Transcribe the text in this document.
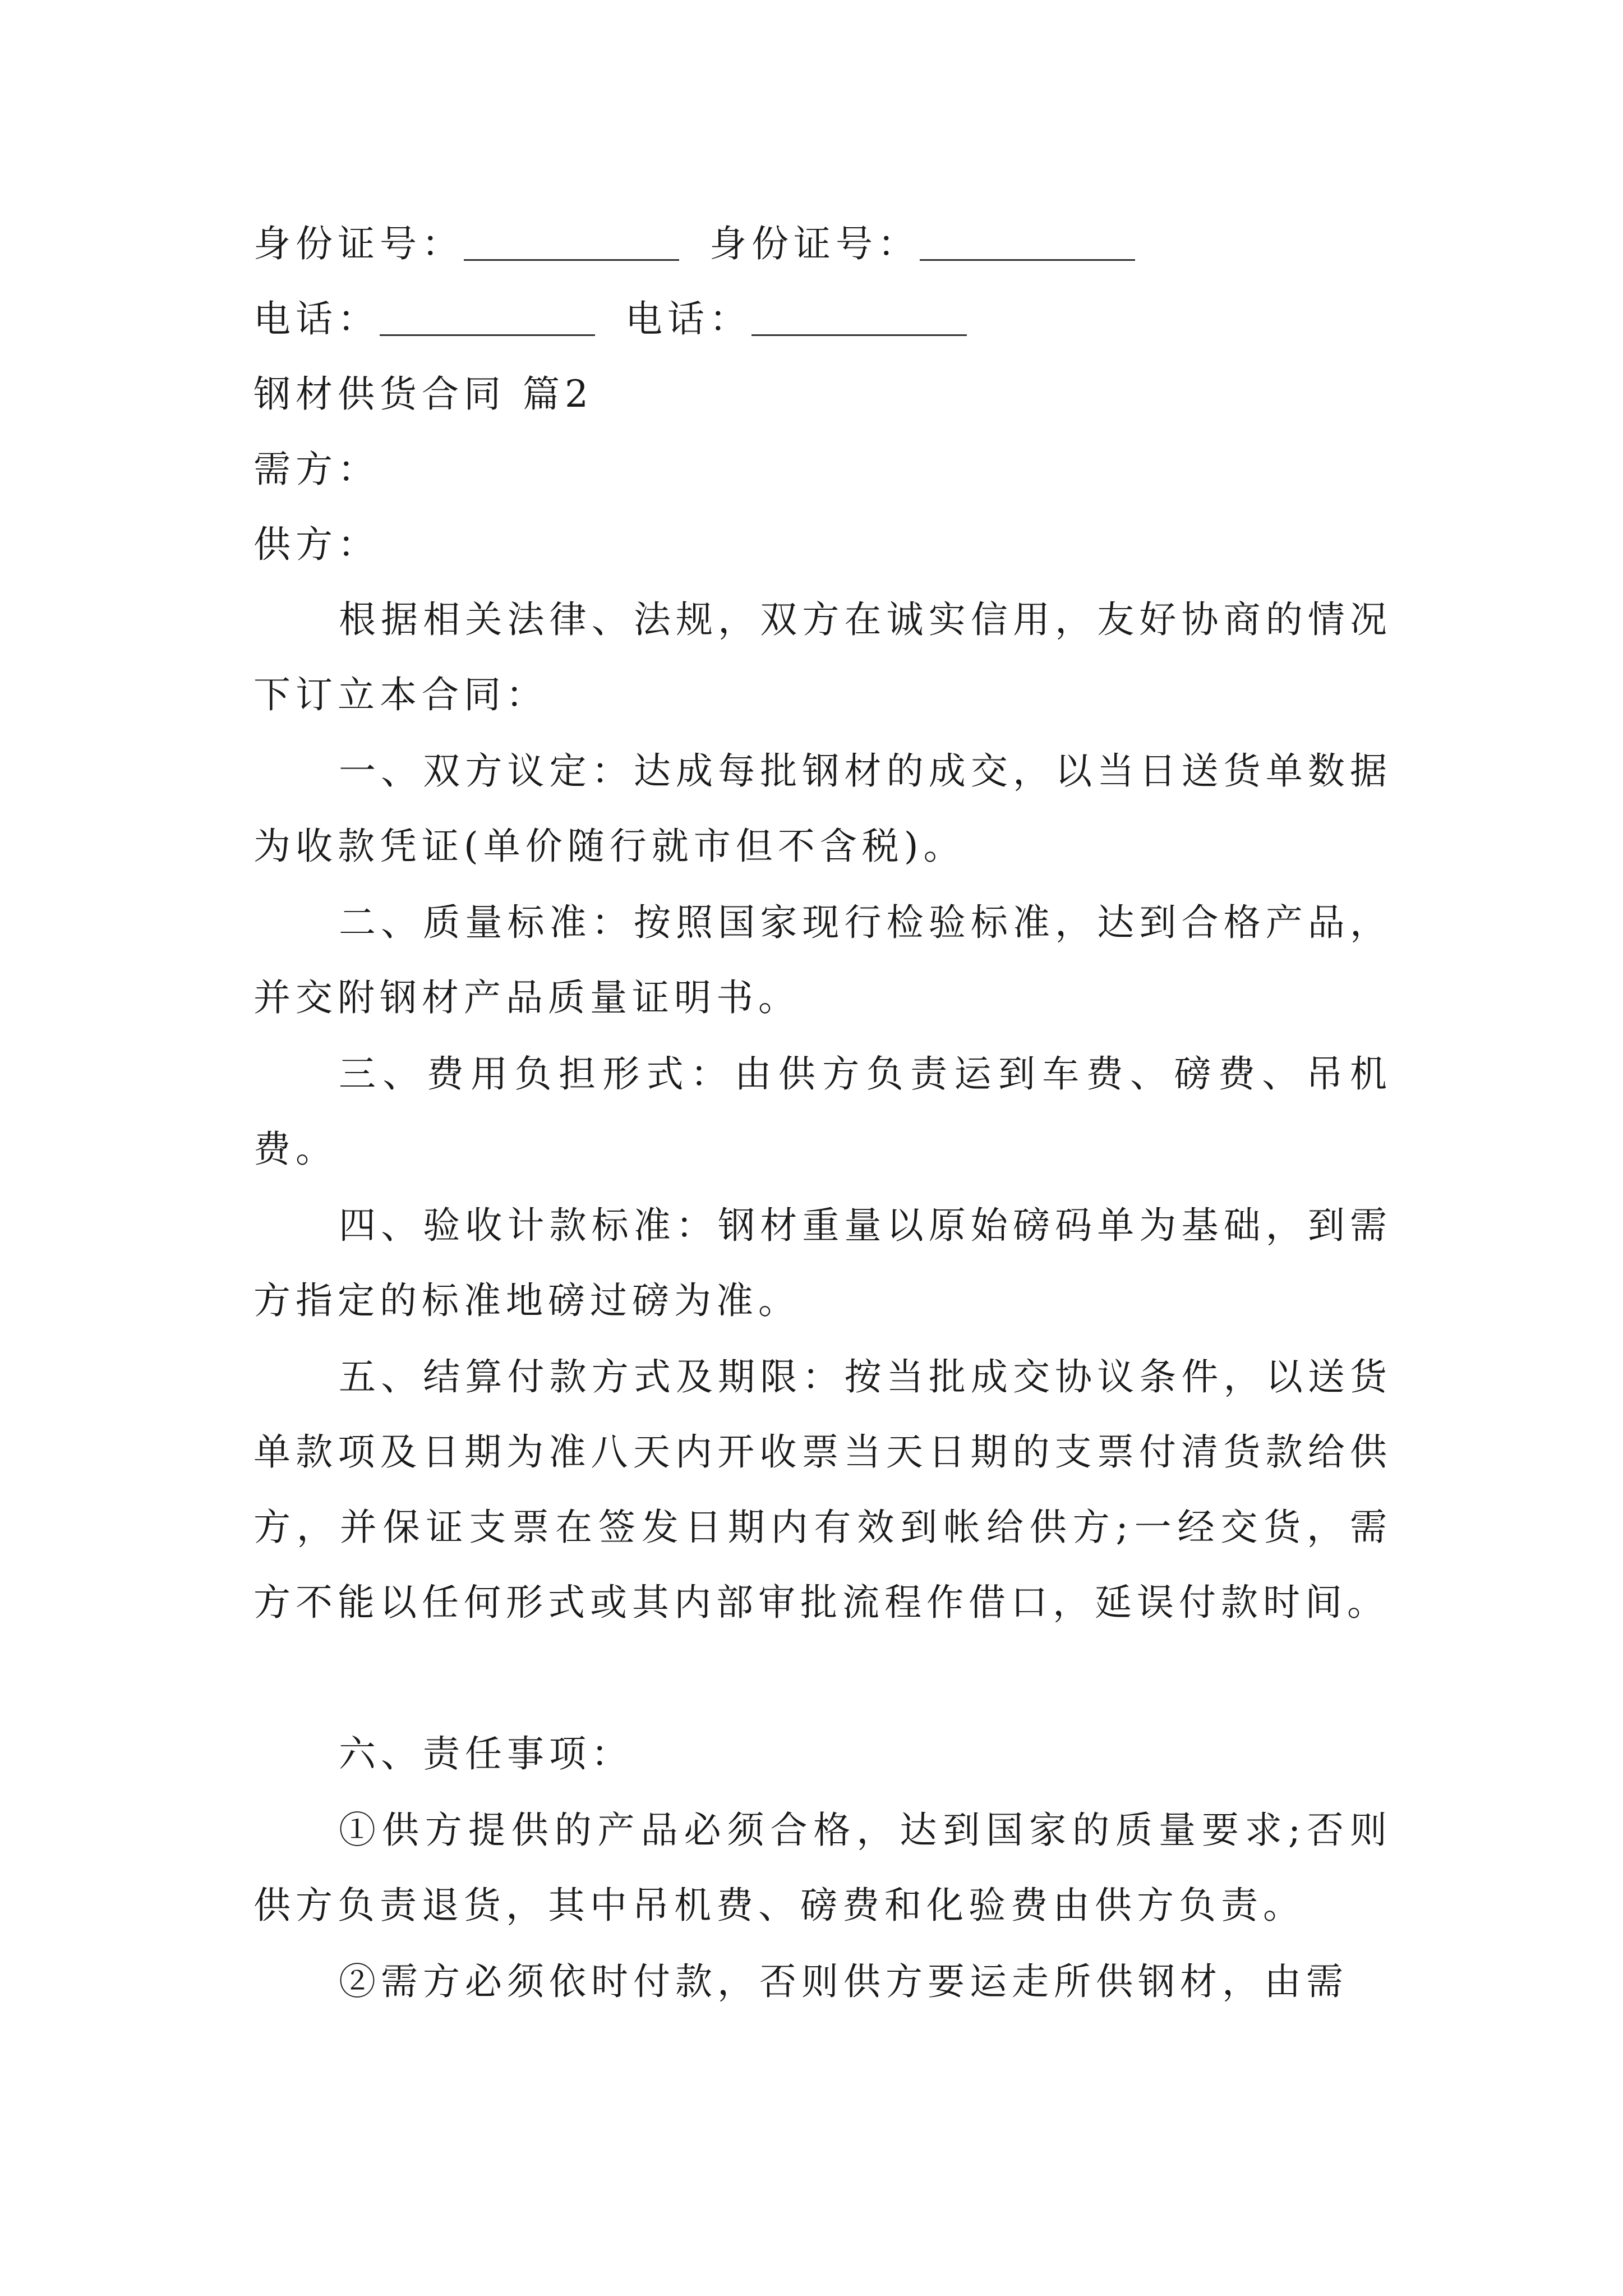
身份证号：	身份证号：
电话：	电话：
钢材供货合同 篇2
需方：
供方：

根据相关法律、法规，双方在诚实信用，友好协商的情况下订立本合同：

一、双方议定：达成每批钢材的成交，以当日送货单数据为收款凭证(单价随行就市但不含税)。

二、质量标准：按照国家现行检验标准，达到合格产品，并交附钢材产品质量证明书。

三、费用负担形式：由供方负责运到车费、磅费、吊机费。

四、验收计款标准：钢材重量以原始磅码单为基础，到需方指定的标准地磅过磅为准。

五、结算付款方式及期限：按当批成交协议条件，以送货单款项及日期为准八天内开收票当天日期的支票付清货款给供方，并保证支票在签发日期内有效到帐给供方;一经交货，需方不能以任何形式或其内部审批流程作借口，延误付款时间。

六、责任事项：

①供方提供的产品必须合格，达到国家的质量要求;否则供方负责退货，其中吊机费、磅费和化验费由供方负责。

②需方必须依时付款，否则供方要运走所供钢材，由需
